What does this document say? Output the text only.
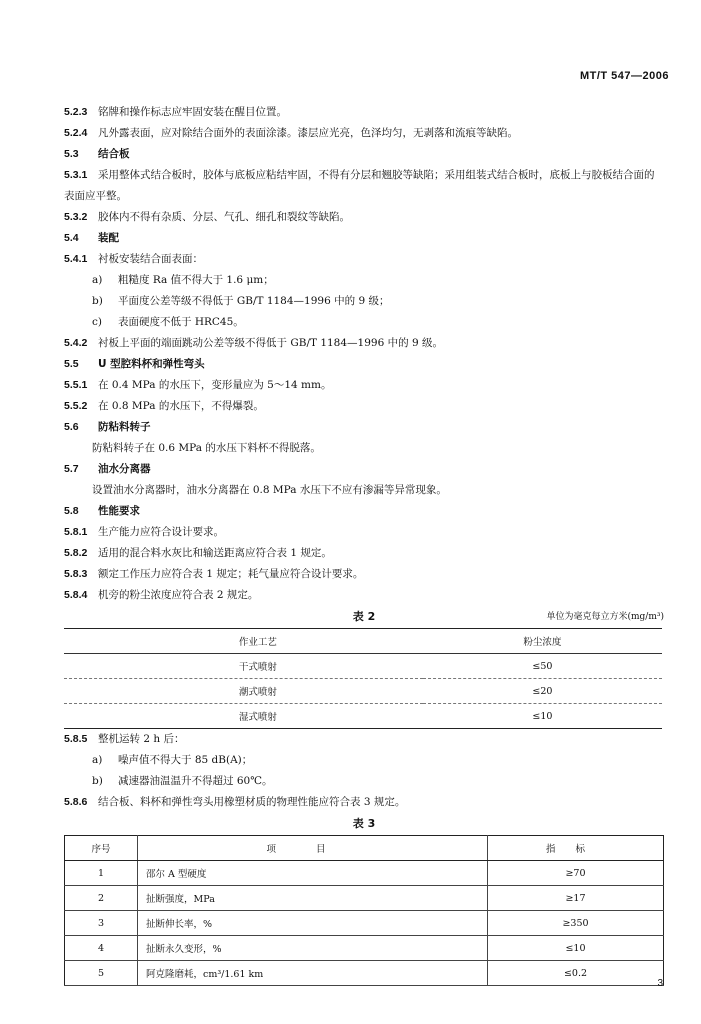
MT/T 547—2006
5.2.3 铭牌和操作标志应牢固安装在醒目位置。
5.2.4 凡外露表面，应对除结合面外的表面涂漆。漆层应光亮，色泽均匀，无剥落和流痕等缺陷。
5.3 结合板
5.3.1 采用整体式结合板时，胶体与底板应粘结牢固，不得有分层和翘胶等缺陷；采用组装式结合板时，底板上与胶板结合面的表面应平整。
5.3.2 胶体内不得有杂质、分层、气孔、细孔和裂纹等缺陷。
5.4 装配
5.4.1 衬板安装结合面表面：
a) 粗糙度 Ra 值不得大于 1.6 μm；
b) 平面度公差等级不得低于 GB/T 1184—1996 中的 9 级；
c) 表面硬度不低于 HRC45。
5.4.2 衬板上平面的端面跳动公差等级不得低于 GB/T 1184—1996 中的 9 级。
5.5 U 型腔料杯和弹性弯头
5.5.1 在 0.4 MPa 的水压下，变形量应为 5～14 mm。
5.5.2 在 0.8 MPa 的水压下，不得爆裂。
5.6 防粘料转子
防粘料转子在 0.6 MPa 的水压下料杯不得脱落。
5.7 油水分离器
设置油水分离器时，油水分离器在 0.8 MPa 水压下不应有渗漏等异常现象。
5.8 性能要求
5.8.1 生产能力应符合设计要求。
5.8.2 适用的混合料水灰比和输送距离应符合表 1 规定。
5.8.3 额定工作压力应符合表 1 规定；耗气量应符合设计要求。
5.8.4 机旁的粉尘浓度应符合表 2 规定。
表 2	单位为毫克每立方米(mg/m³)
作业工艺	粉尘浓度
干式喷射	≤50
潮式喷射	≤20
湿式喷射	≤10
5.8.5 整机运转 2 h 后：
a) 噪声值不得大于 85 dB(A)；
b) 减速器油温温升不得超过 60℃。
5.8.6 结合板、料杯和弹性弯头用橡塑材质的物理性能应符合表 3 规定。
表 3
序号	项目	指标
1	邵尔 A 型硬度	≥70
2	扯断强度，MPa	≥17
3	扯断伸长率，%	≥350
4	扯断永久变形，%	≤10
5	阿克隆磨耗，cm³/1.61 km	≤0.2
3
